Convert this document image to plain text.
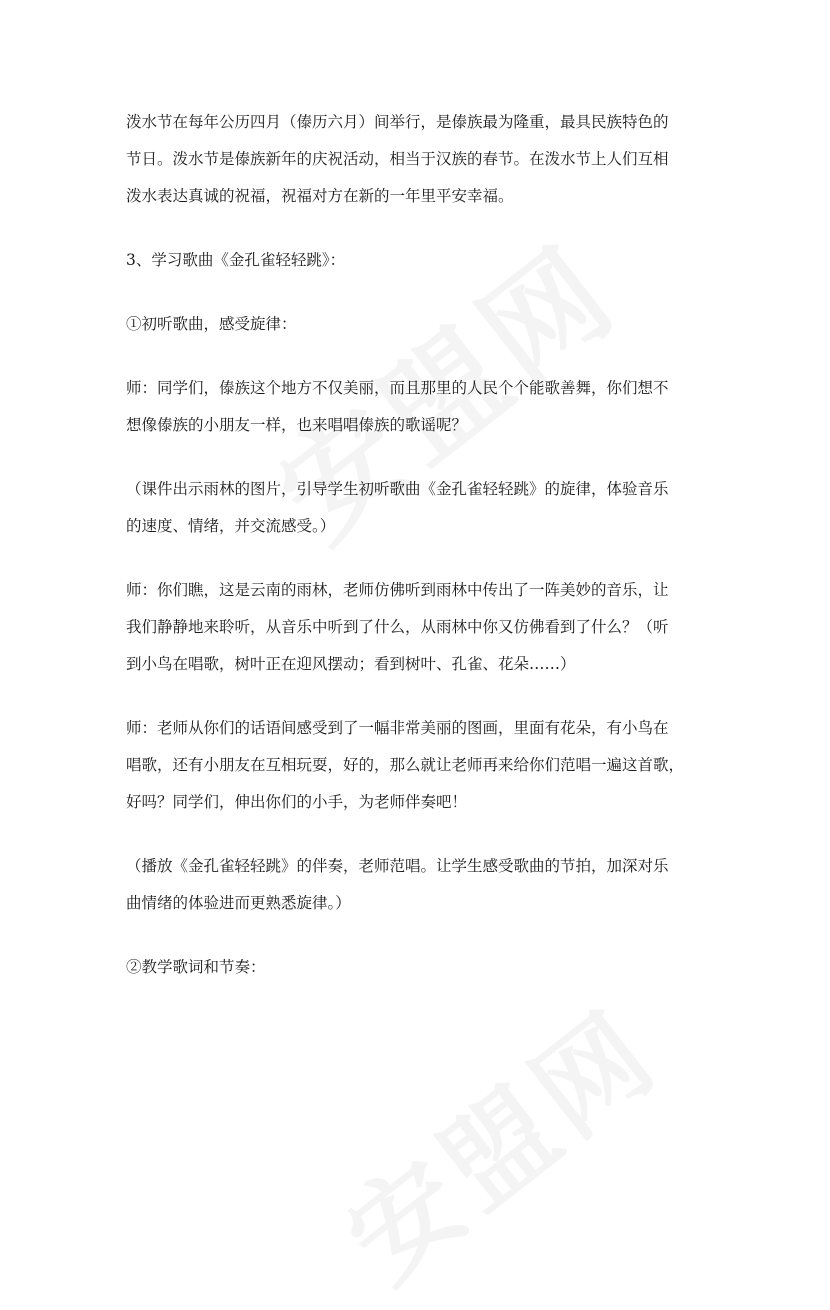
泼水节在每年公历四月（傣历六月）间举行，是傣族最为隆重，最具民族特色的
节日。泼水节是傣族新年的庆祝活动，相当于汉族的春节。在泼水节上人们互相
泼水表达真诚的祝福，祝福对方在新的一年里平安幸福。

3、学习歌曲《金孔雀轻轻跳》：

①初听歌曲，感受旋律：

师：同学们，傣族这个地方不仅美丽，而且那里的人民个个能歌善舞，你们想不
想像傣族的小朋友一样，也来唱唱傣族的歌谣呢？

（课件出示雨林的图片，引导学生初听歌曲《金孔雀轻轻跳》的旋律，体验音乐
的速度、情绪，并交流感受。）

师：你们瞧，这是云南的雨林，老师仿佛听到雨林中传出了一阵美妙的音乐，让
我们静静地来聆听，从音乐中听到了什么，从雨林中你又仿佛看到了什么？（听
到小鸟在唱歌，树叶正在迎风摆动；看到树叶、孔雀、花朵……）

师：老师从你们的话语间感受到了一幅非常美丽的图画，里面有花朵，有小鸟在
唱歌，还有小朋友在互相玩耍，好的，那么就让老师再来给你们范唱一遍这首歌，
好吗？同学们，伸出你们的小手，为老师伴奏吧！

（播放《金孔雀轻轻跳》的伴奏，老师范唱。让学生感受歌曲的节拍，加深对乐
曲情绪的体验进而更熟悉旋律。）

②教学歌词和节奏：
